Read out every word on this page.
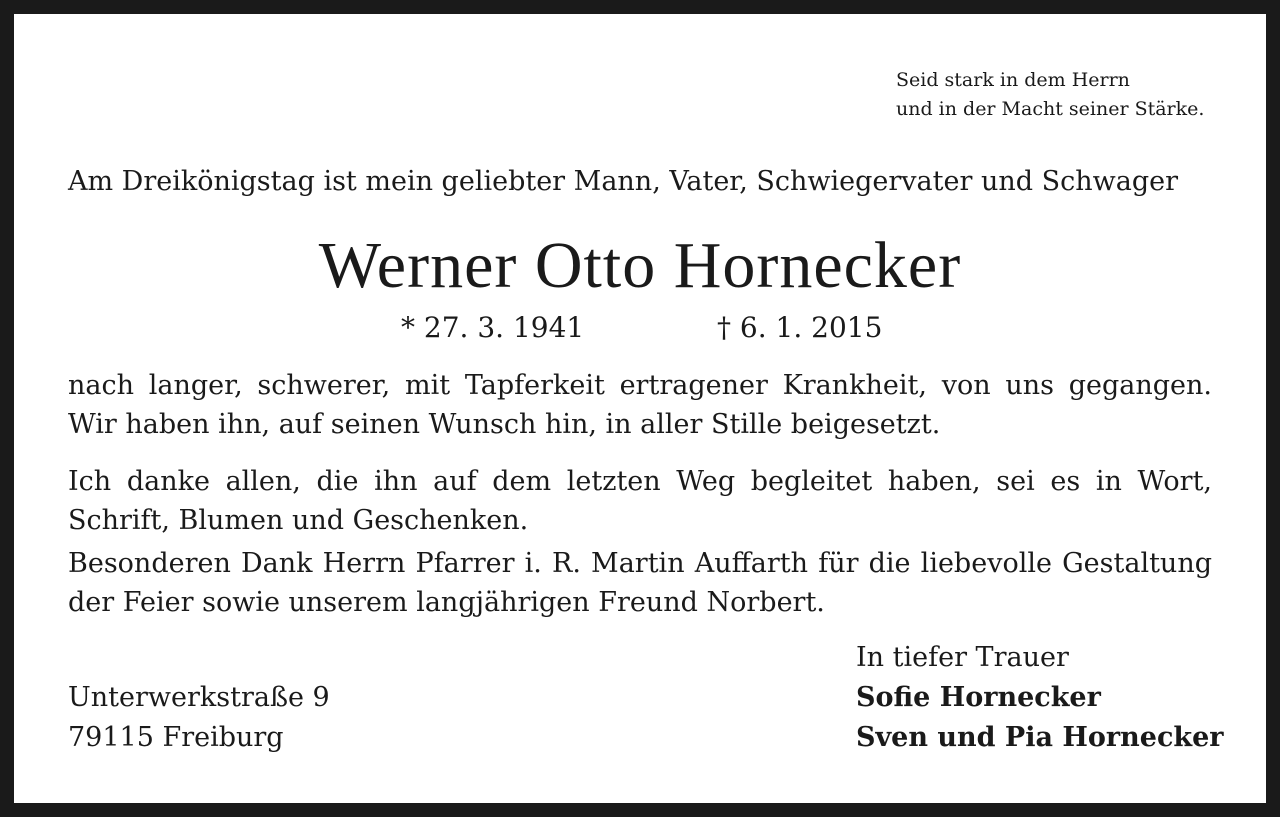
Seid stark in dem Herrn
und in der Macht seiner Stärke.
Am Dreikönigstag ist mein geliebter Mann, Vater, Schwiegervater und Schwager
Werner Otto Hornecker
* 27. 3. 1941	† 6. 1. 2015
nach langer, schwerer, mit Tapferkeit ertragener Krankheit, von uns gegangen. Wir haben ihn, auf seinen Wunsch hin, in aller Stille beigesetzt.
Ich danke allen, die ihn auf dem letzten Weg begleitet haben, sei es in Wort, Schrift, Blumen und Geschenken.
Besonderen Dank Herrn Pfarrer i. R. Martin Auffarth für die liebevolle Gestaltung der Feier sowie unserem langjährigen Freund Norbert.
Unterwerkstraße 9
79115 Freiburg
In tiefer Trauer
Sofie Hornecker
Sven und Pia Hornecker
